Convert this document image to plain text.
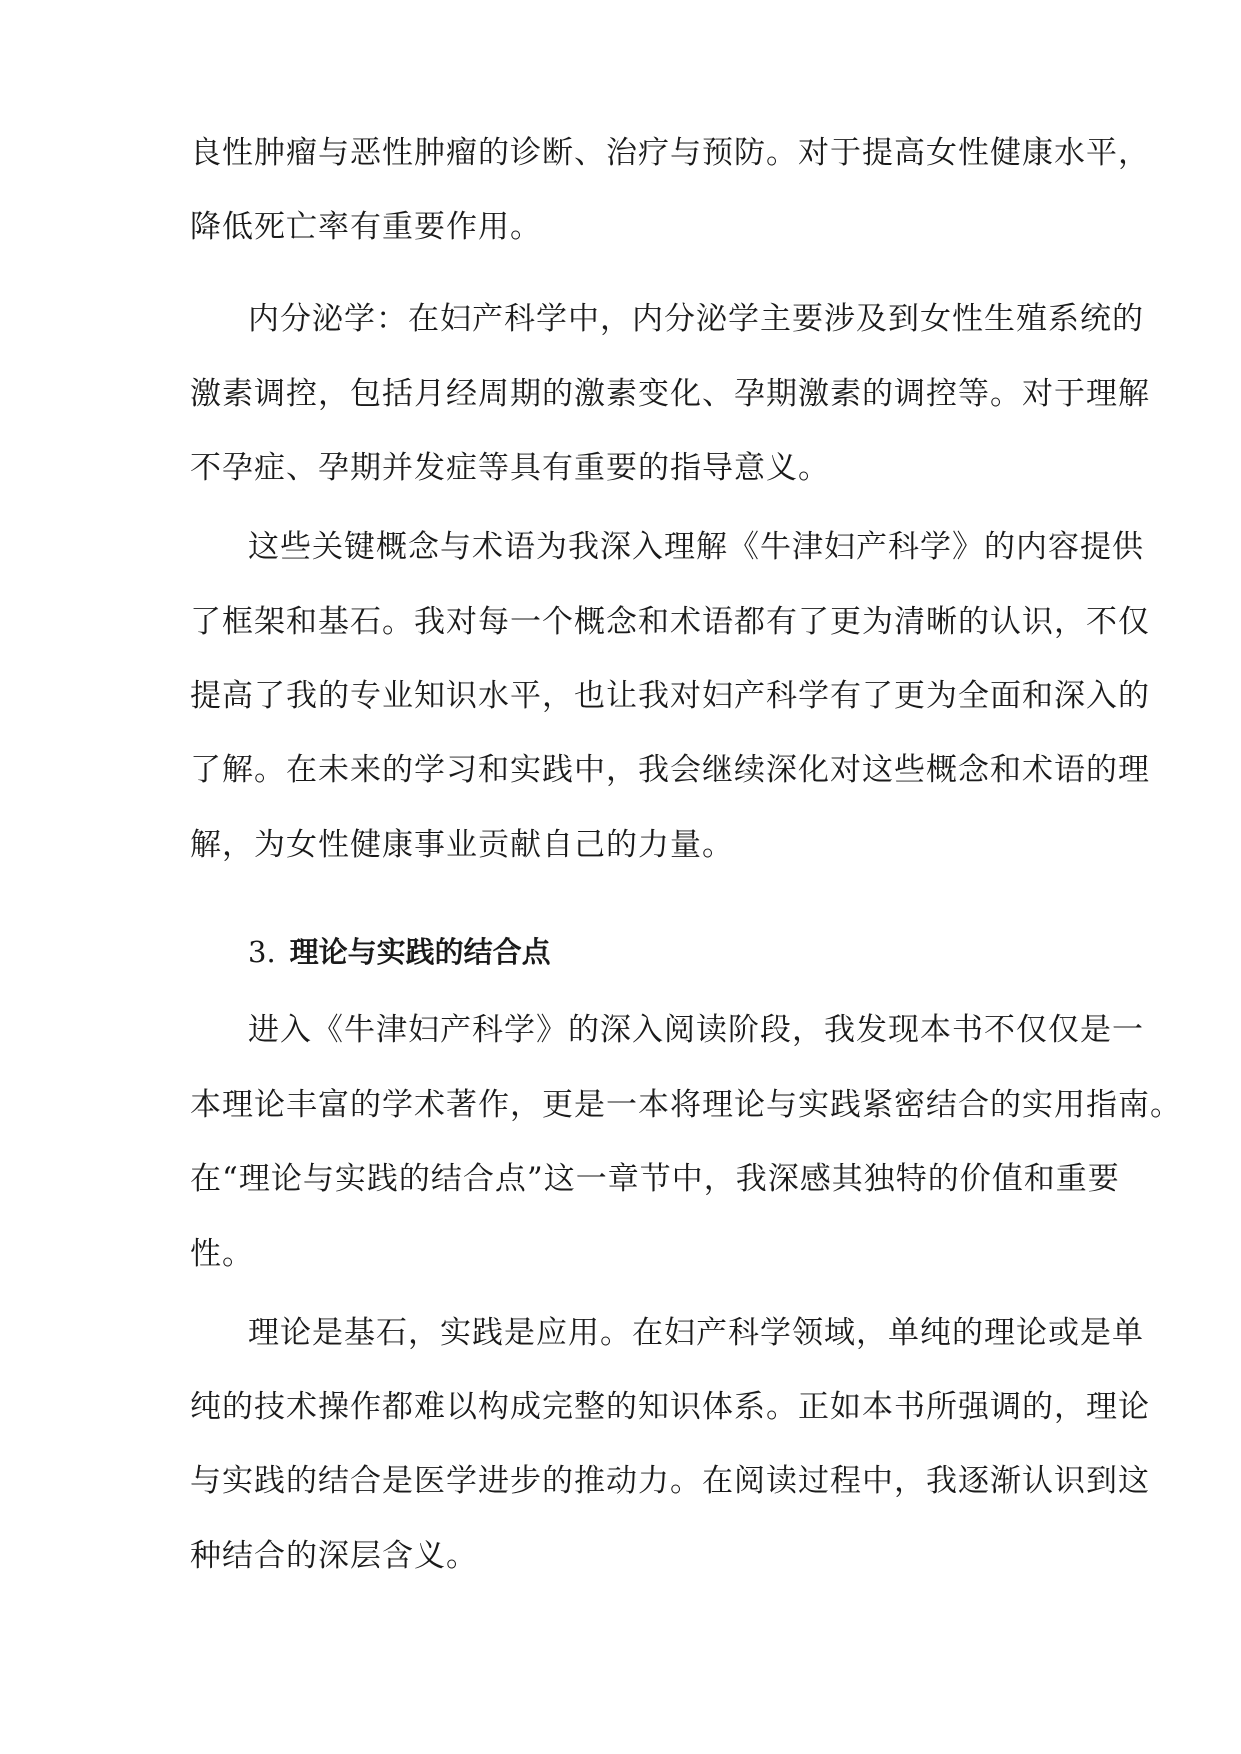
良性肿瘤与恶性肿瘤的诊断、治疗与预防。对于提高女性健康水平，
降低死亡率有重要作用。
内分泌学：在妇产科学中，内分泌学主要涉及到女性生殖系统的
激素调控，包括月经周期的激素变化、孕期激素的调控等。对于理解
不孕症、孕期并发症等具有重要的指导意义。
这些关键概念与术语为我深入理解《牛津妇产科学》的内容提供
了框架和基石。我对每一个概念和术语都有了更为清晰的认识，不仅
提高了我的专业知识水平，也让我对妇产科学有了更为全面和深入的
了解。在未来的学习和实践中，我会继续深化对这些概念和术语的理
解，为女性健康事业贡献自己的力量。
3. 理论与实践的结合点
进入《牛津妇产科学》的深入阅读阶段，我发现本书不仅仅是一
本理论丰富的学术著作，更是一本将理论与实践紧密结合的实用指南。
在“理论与实践的结合点”这一章节中，我深感其独特的价值和重要
性。
理论是基石，实践是应用。在妇产科学领域，单纯的理论或是单
纯的技术操作都难以构成完整的知识体系。正如本书所强调的，理论
与实践的结合是医学进步的推动力。在阅读过程中，我逐渐认识到这
种结合的深层含义。
